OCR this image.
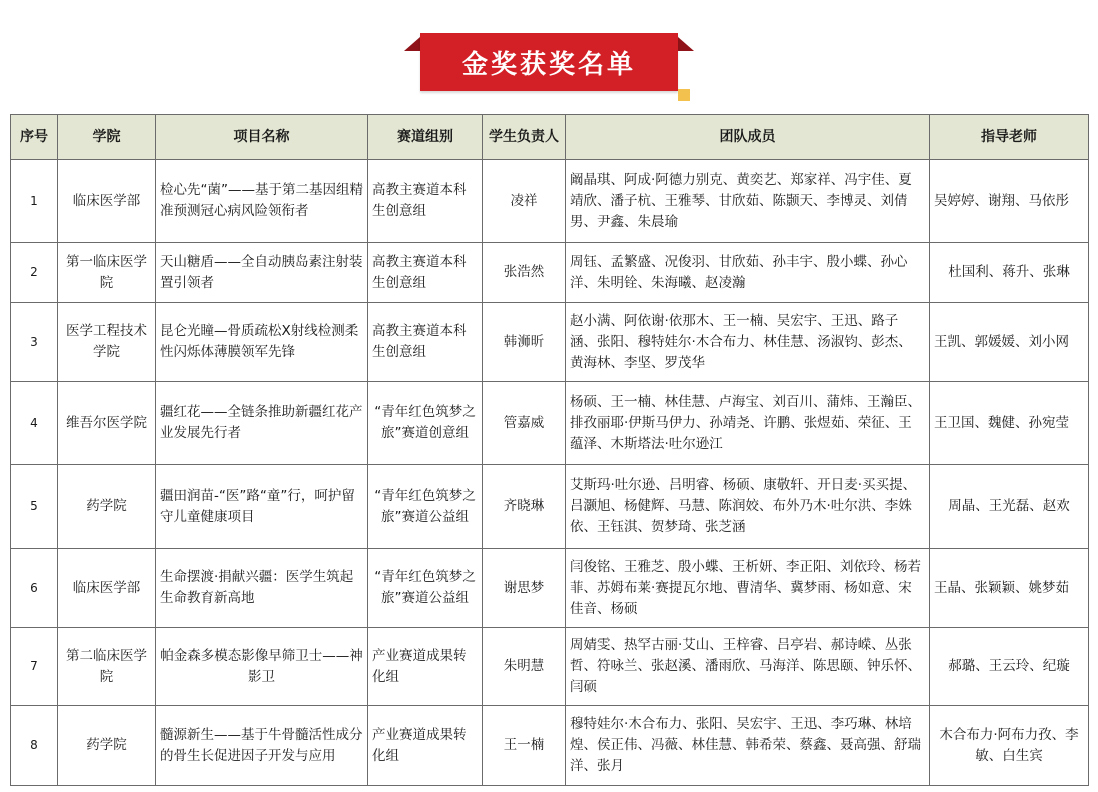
金奖获奖名单
序号	学院	项目名称	赛道组别	学生负责人	团队成员	指导老师
1	临床医学部	检心先“菌”——基于第二基因组精准预测冠心病风险领衔者	高教主赛道本科生创意组	凌祥	阚晶琪、阿成·阿德力别克、黄奕艺、郑家祥、冯宇佳、夏靖欣、潘子杭、王雅琴、甘欣茹、陈颢天、李博灵、刘倩男、尹鑫、朱晨瑜	吴婷婷、谢翔、马依彤
2	第一临床医学院	天山糖盾——全自动胰岛素注射装置引领者	高教主赛道本科生创意组	张浩然	周钰、孟繁盛、况俊羽、甘欣茹、孙丰宇、殷小蝶、孙心洋、朱明铨、朱海曦、赵凌瀚	杜国利、蒋升、张琳
3	医学工程技术学院	昆仑光瞳—骨质疏松X射线检测柔性闪烁体薄膜领军先锋	高教主赛道本科生创意组	韩浉昕	赵小满、阿依谢·依那木、王一楠、吴宏宇、王迅、路子涵、张阳、穆特娃尔·木合布力、林佳慧、汤淑钧、彭杰、黄海林、李坚、罗茂华	王凯、郭媛媛、刘小网
4	维吾尔医学院	疆红花——全链条推助新疆红花产业发展先行者	“青年红色筑梦之旅”赛道创意组	管嘉威	杨硕、王一楠、林佳慧、卢海宝、刘百川、蒲炜、王瀚臣、排孜丽耶·伊斯马伊力、孙靖尧、许鹏、张煜茹、荣征、王蕴泽、木斯塔法·吐尔逊江	王卫国、魏健、孙宛莹
5	药学院	疆田润苗-“医”路“童”行，呵护留守儿童健康项目	“青年红色筑梦之旅”赛道公益组	齐晓琳	艾斯玛·吐尔逊、吕明睿、杨硕、康敬轩、开日麦·买买提、吕灏旭、杨健辉、马慧、陈润姣、布外乃木·吐尔洪、李姝依、王钰淇、贺梦琦、张芝涵	周晶、王光磊、赵欢
6	临床医学部	生命摆渡·捐献兴疆：医学生筑起生命教育新高地	“青年红色筑梦之旅”赛道公益组	谢思梦	闫俊铭、王雅芝、殷小蝶、王析妍、李正阳、刘依玲、杨若菲、苏姆布莱·赛提瓦尔地、曹清华、冀梦雨、杨如意、宋佳音、杨硕	王晶、张颖颖、姚梦茹
7	第二临床医学院	帕金森多模态影像早筛卫士——神影卫	产业赛道成果转化组	朱明慧	周婧雯、热罕古丽·艾山、王梓睿、吕亭岩、郝诗嵘、丛张哲、符咏兰、张赵溪、潘雨欣、马海洋、陈思颐、钟乐怀、闫硕	郝璐、王云玲、纪璇
8	药学院	髓源新生——基于牛骨髓活性成分的骨生长促进因子开发与应用	产业赛道成果转化组	王一楠	穆特娃尔·木合布力、张阳、吴宏宇、王迅、李巧琳、林培煌、侯正伟、冯薇、林佳慧、韩希荣、蔡鑫、聂高强、舒瑞洋、张月	木合布力·阿布力孜、李敏、白生宾
